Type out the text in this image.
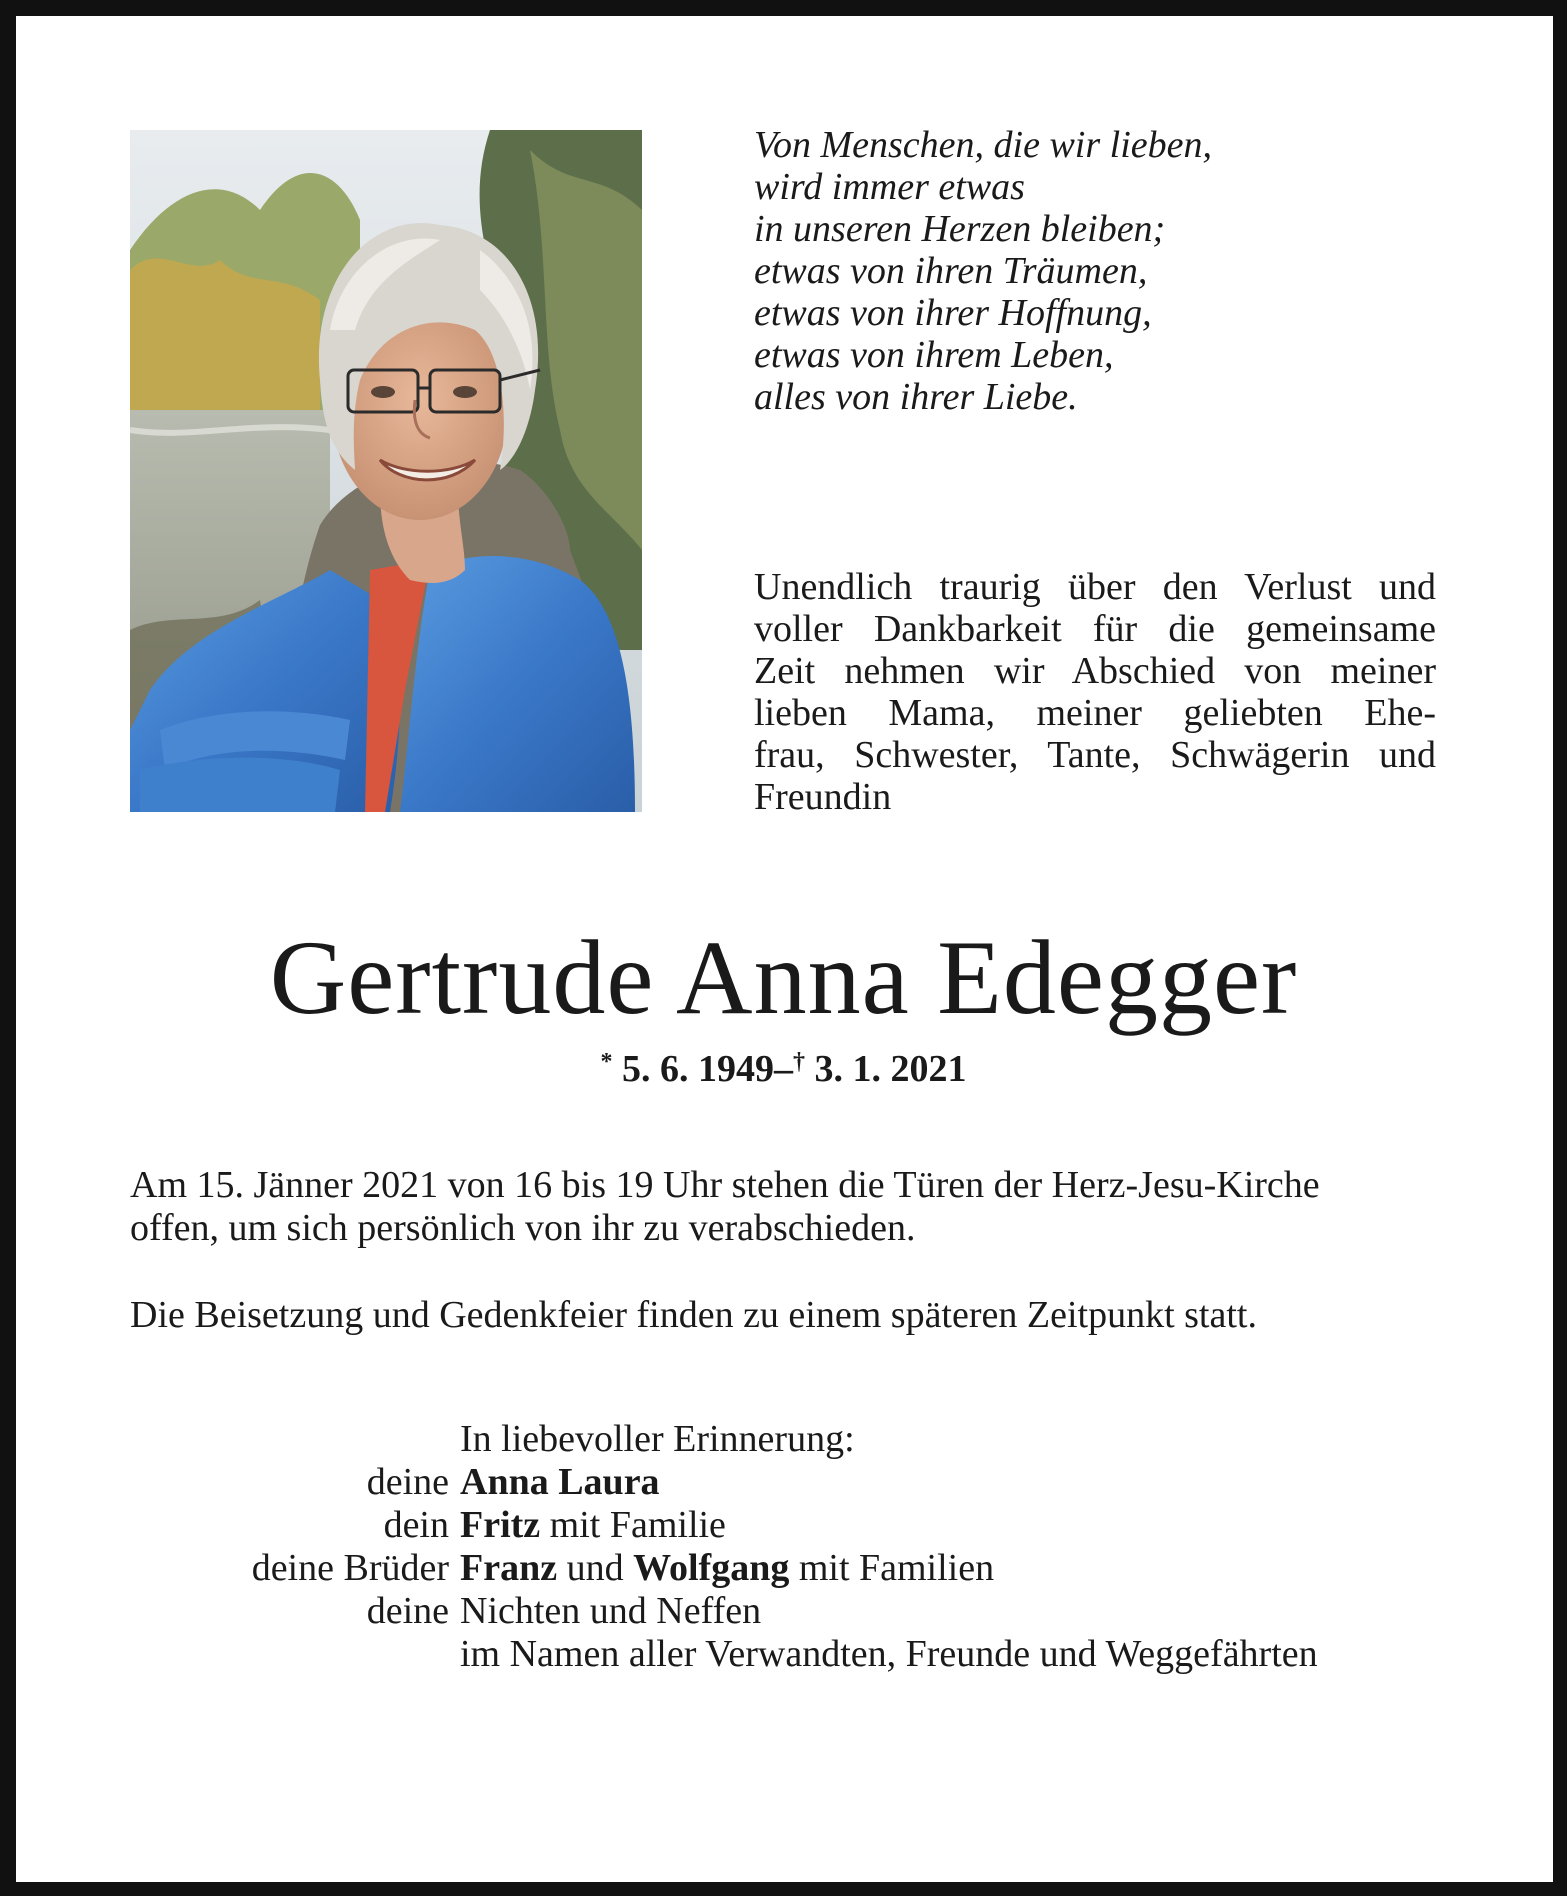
Von Menschen, die wir lieben,
wird immer etwas
in unseren Herzen bleiben;
etwas von ihren Träumen,
etwas von ihrer Hoffnung,
etwas von ihrem Leben,
alles von ihrer Liebe.
Unendlich traurig über den Verlust und
voller Dankbarkeit für die gemeinsame
Zeit nehmen wir Abschied von meiner
lieben Mama, meiner geliebten Ehe-
frau, Schwester, Tante, Schwägerin und
Freundin
Gertrude Anna Edegger
* 5. 6. 1949–† 3. 1. 2021
Am 15. Jänner 2021 von 16 bis 19 Uhr stehen die Türen der Herz-Jesu-Kirche
offen, um sich persönlich von ihr zu verabschieden.
Die Beisetzung und Gedenkfeier finden zu einem späteren Zeitpunkt statt.
In liebevoller Erinnerung:
deine Anna Laura
dein Fritz mit Familie
deine Brüder Franz und Wolfgang mit Familien
deine Nichten und Neffen
im Namen aller Verwandten, Freunde und Weggefährten
